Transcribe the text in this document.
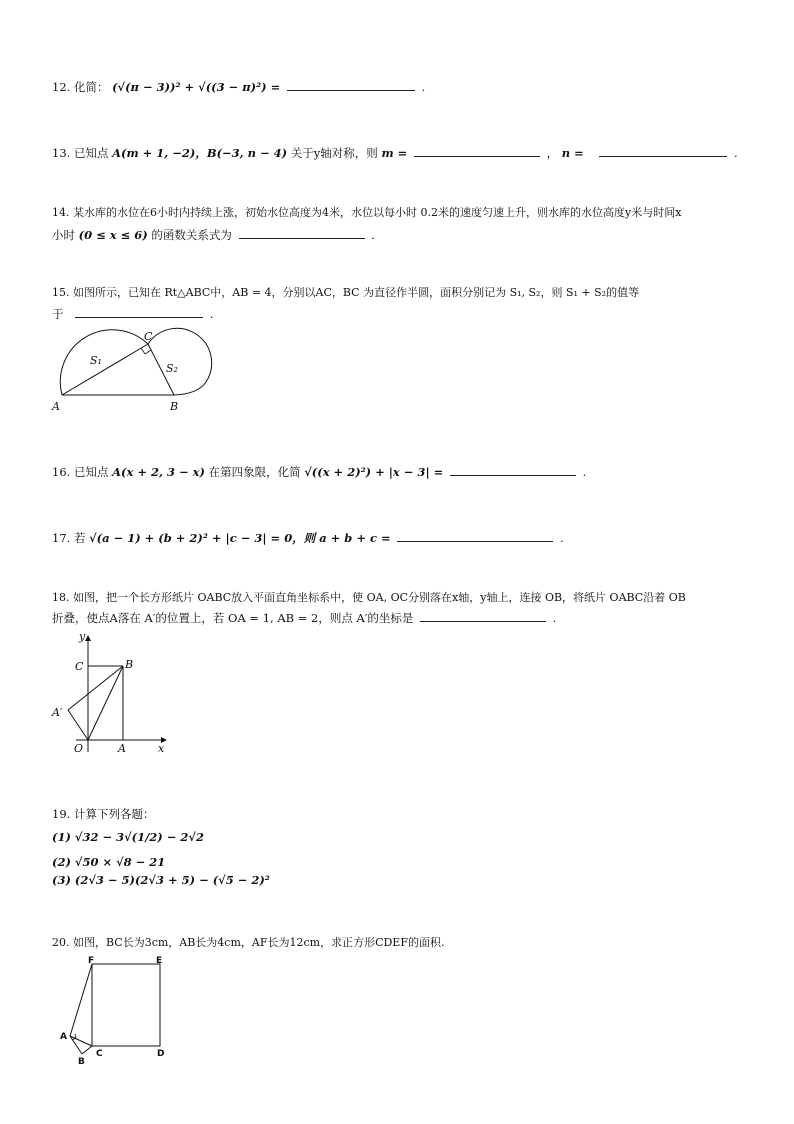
12. 化简： (√(π − 3))² + √((3 − π)²) =	.
13. 已知点 A(m + 1, −2)，B(−3, n − 4) 关于y轴对称，则 m =	， n =	.
14. 某水库的水位在6小时内持续上涨，初始水位高度为4米，水位以每小时 0.2米的速度匀速上升，则水库的水位高度y米与时间x
小时 (0 ≤ x ≤ 6) 的函数关系式为	.
15. 如图所示，已知在 Rt△ABC中，AB = 4，分别以AC，BC 为直径作半圆，面积分别记为 S₁, S₂，则 S₁ + S₂的值等
于	.
A	B
C
S₁
S₂
16. 已知点 A(x + 2, 3 − x) 在第四象限，化简 √((x + 2)²) + |x − 3| =	.
17. 若 √(a − 1) + (b + 2)² + |c − 3| = 0，则 a + b + c =	.
18. 如图，把一个长方形纸片 OABC放入平面直角坐标系中，使 OA, OC分别落在x轴，y轴上，连接 OB，将纸片 OABC沿着 OB
折叠，使点A落在 A′的位置上，若 OA = 1, AB = 2，则点 A′的坐标是	.
y
x
C	B
A′
O	A
19. 计算下列各题：
(1) √32 − 3√(1/2) − 2√2
(2) √50 × √8 − 21
(3) (2√3 − 5)(2√3 + 5) − (√5 − 2)²
20. 如图，BC长为3cm，AB长为4cm，AF长为12cm，求正方形CDEF的面积.
F	E
A
B
C	D
